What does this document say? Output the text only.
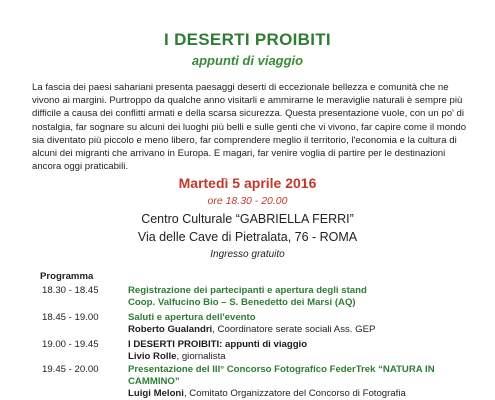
I DESERTI PROIBITI
appunti di viaggio
La fascia dei paesi sahariani presenta paesaggi deserti di eccezionale bellezza e comunità che ne vivono ai margini. Purtroppo da qualche anno visitarli e ammirarne le meraviglie naturali è sempre più difficile a causa dei conflitti armati e della scarsa sicurezza. Questa presentazione vuole, con un po' di nostalgia, far sognare su alcuni dei luoghi più belli e sulle genti che vi vivono, far capire come il mondo sia diventato più piccolo e meno libero, far comprendere meglio il territorio, l'economia e la cultura di alcuni dei migranti che arrivano in Europa. E magari, far venire voglia di partire per le destinazioni ancora oggi praticabili.
Martedì 5 aprile 2016
ore 18.30 - 20.00
Centro Culturale “GABRIELLA FERRI”
Via delle Cave di Pietralata, 76 - ROMA
Ingresso gratuito
Programma
18.30 - 18.45	Registrazione dei partecipanti e apertura degli stand
Coop. Valfucino Bio – S. Benedetto dei Marsi (AQ)
18.45 - 19.00	Saluti e apertura dell'evento
Roberto Gualandri, Coordinatore serate sociali Ass. GEP
19.00 - 19.45	I DESERTI PROIBITI: appunti di viaggio
Livio Rolle, giornalista
19.45 - 20.00	Presentazione del III° Concorso Fotografico FederTrek “NATURA IN CAMMINO”
Luigi Meloni, Comitato Organizzatore del Concorso di Fotografia
